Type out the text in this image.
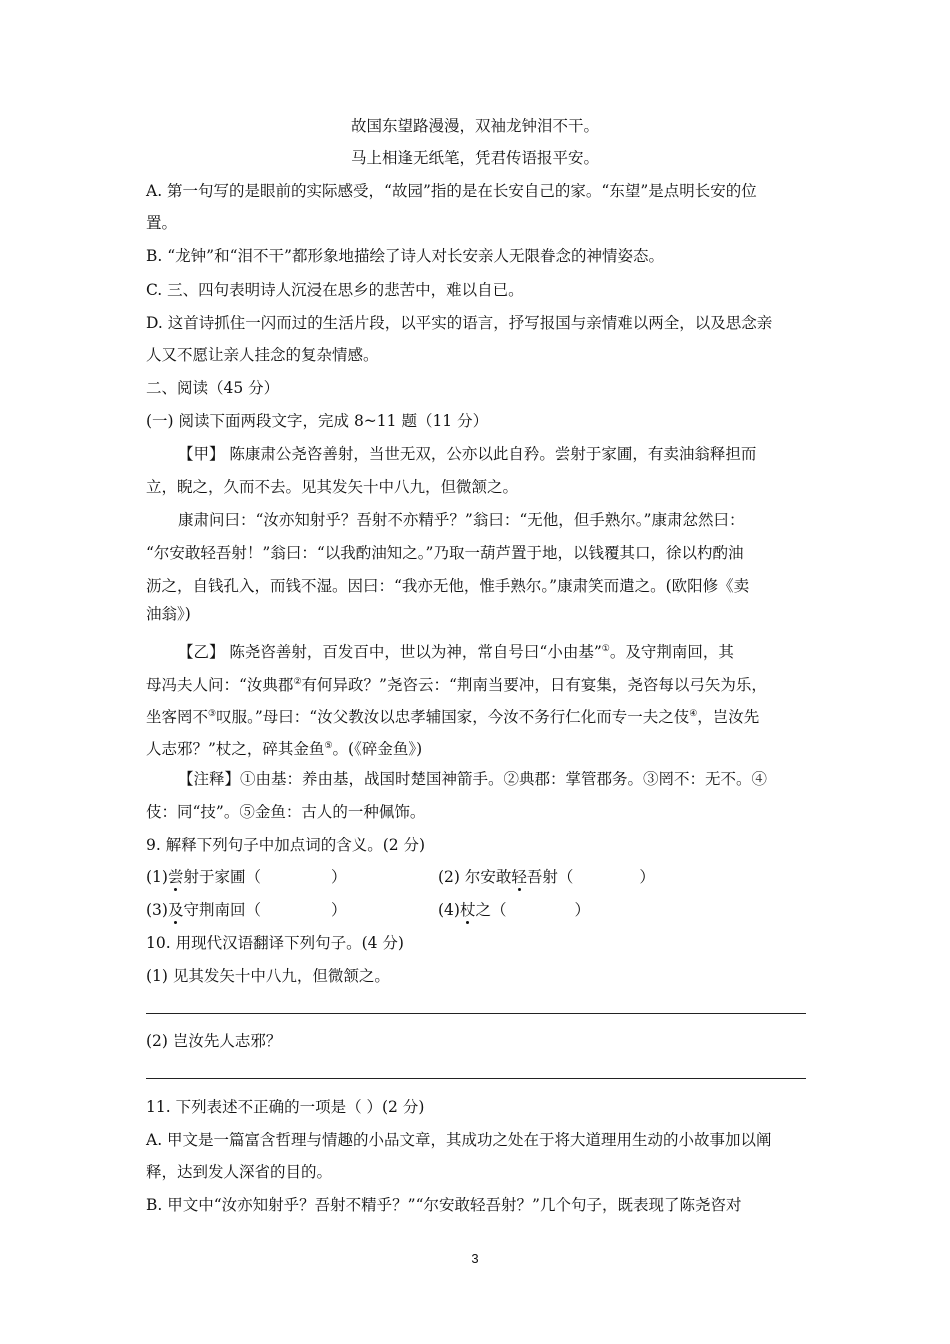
故国东望路漫漫，双袖龙钟泪不干。
马上相逢无纸笔，凭君传语报平安。
A. 第一句写的是眼前的实际感受，“故园”指的是在长安自己的家。“东望”是点明长安的位
置。
B. “龙钟”和“泪不干”都形象地描绘了诗人对长安亲人无限眷念的神情姿态。
C. 三、四句表明诗人沉浸在思乡的悲苦中，难以自已。
D. 这首诗抓住一闪而过的生活片段，以平实的语言，抒写报国与亲情难以两全，以及思念亲
人又不愿让亲人挂念的复杂情感。
二、阅读（45 分）
(一) 阅读下面两段文字，完成 8~11 题（11 分）
【甲】 陈康肃公尧咨善射，当世无双，公亦以此自矜。尝射于家圃，有卖油翁释担而
立，睨之，久而不去。见其发矢十中八九，但微颔之。
康肃问曰：“汝亦知射乎？吾射不亦精乎？”翁曰：“无他，但手熟尔。”康肃忿然曰：
“尔安敢轻吾射！”翁曰：“以我酌油知之。”乃取一葫芦置于地，以钱覆其口，徐以杓酌油
沥之，自钱孔入，而钱不湿。因曰：“我亦无他，惟手熟尔。”康肃笑而遣之。(欧阳修《卖
油翁》)
【乙】 陈尧咨善射，百发百中，世以为神，常自号曰“小由基”①。及守荆南回，其
母冯夫人问：“汝典郡②有何异政？”尧咨云：“荆南当要冲，日有宴集，尧咨每以弓矢为乐，
坐客罔不③叹服。”母曰：“汝父教汝以忠孝辅国家，今汝不务行仁化而专一夫之伎④，岂汝先
人志邪？”杖之，碎其金鱼⑤。(《碎金鱼》)
【注释】①由基：养由基，战国时楚国神箭手。②典郡：掌管郡务。③罔不：无不。④
伎：同“技”。⑤金鱼：古人的一种佩饰。
9. 解释下列句子中加点词的含义。(2 分)
(1)尝射于家圃（	）	(2) 尔安敢轻吾射（	）
(3)及守荆南回（	）	(4)杖之（	）
10. 用现代汉语翻译下列句子。(4 分)
(1) 见其发矢十中八九，但微颔之。
(2) 岂汝先人志邪？
11. 下列表述不正确的一项是（ ）(2 分)
A. 甲文是一篇富含哲理与情趣的小品文章，其成功之处在于将大道理用生动的小故事加以阐
释，达到发人深省的目的。
B. 甲文中“汝亦知射乎？吾射不精乎？”“尔安敢轻吾射？”几个句子，既表现了陈尧咨对
3
